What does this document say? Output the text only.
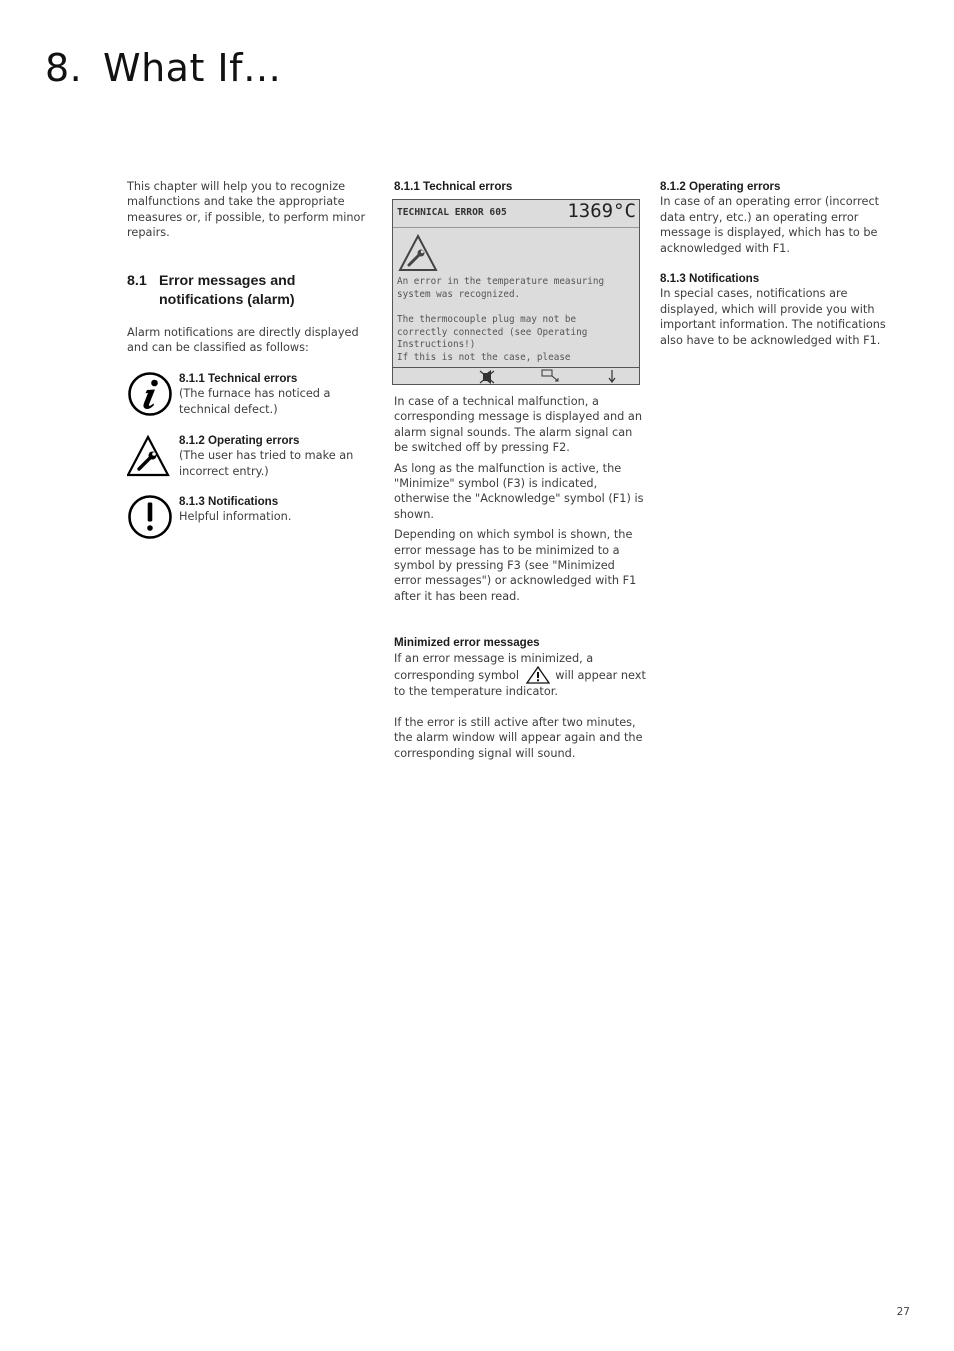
8. What If…

This chapter will help you to recognize malfunctions and take the appropriate measures or, if possible, to perform minor repairs.

8.1 Error messages and
notifications (alarm)

Alarm notifications are directly displayed and can be classified as follows:

8.1.1 Technical errors
(The furnace has noticed a technical defect.)
8.1.2 Operating errors
(The user has tried to make an incorrect entry.)
8.1.3 Notifications
Helpful information.
8.1.1 Technical errors
TECHNICAL ERROR 605	1369°C
An error in the temperature measuring
system was recognized.
The thermocouple plug may not be
correctly connected (see Operating
Instructions!)
If this is not the case, please

In case of a technical malfunction, a corresponding message is displayed and an alarm signal sounds. The alarm signal can be switched off by pressing F2.

As long as the malfunction is active, the "Minimize" symbol (F3) is indicated, otherwise the "Acknowledge" symbol (F1) is shown.

Depending on which symbol is shown, the error message has to be minimized to a symbol by pressing F3 (see "Minimized error messages") or acknowledged with F1 after it has been read.

Minimized error messages
If an error message is minimized, a
corresponding symbol	will appear next
to the temperature indicator.

If the error is still active after two minutes, the alarm window will appear again and the corresponding signal will sound.

8.1.2 Operating errors

In case of an operating error (incorrect data entry, etc.) an operating error message is displayed, which has to be acknowledged with F1.

8.1.3 Notifications

In special cases, notifications are displayed, which will provide you with important information. The notifications also have to be acknowledged with F1.

27
